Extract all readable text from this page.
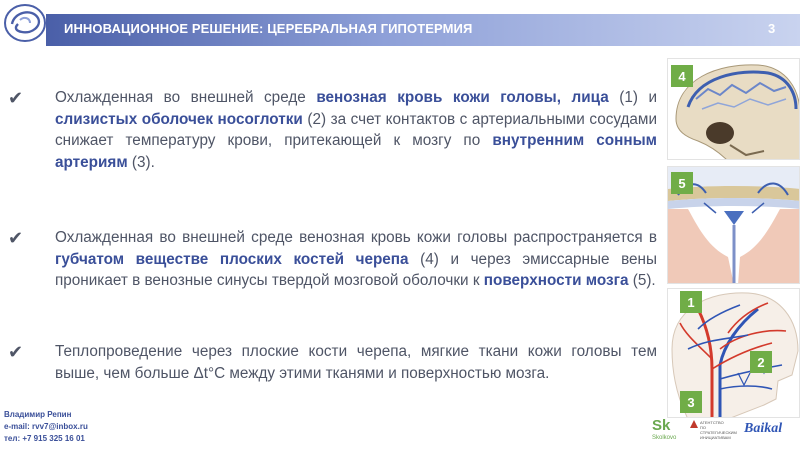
ИННОВАЦИОННОЕ РЕШЕНИЕ: ЦЕРЕБРАЛЬНАЯ ГИПОТЕРМИЯ	3
✔ Охлажденная во внешней среде венозная кровь кожи головы, лица (1) и слизистых оболочек носоглотки (2) за счет контактов с артериальными сосудами снижает температуру крови, притекающей к мозгу по внутренним сонным артериям (3).
✔ Охлажденная во внешней среде венозная кровь кожи головы распространяется в губчатом веществе плоских костей черепа (4) и через эмиссарные вены проникает в венозные синусы твердой мозговой оболочки к поверхности мозга (5).
✔ Теплопроведение через плоские кости черепа, мягкие ткани кожи головы тем выше, чем больше Δt°C между этими тканями и поверхностью мозга.
4
5
1
2
3
Владимир Репин
e-mail: rvv7@inbox.ru
тел: +7 915 325 16 01
Sk
Skolkovo
АГЕНТСТВО
ПО СТРАТЕГИЧЕСКИМ
ИНИЦИАТИВАМ
Baikal
